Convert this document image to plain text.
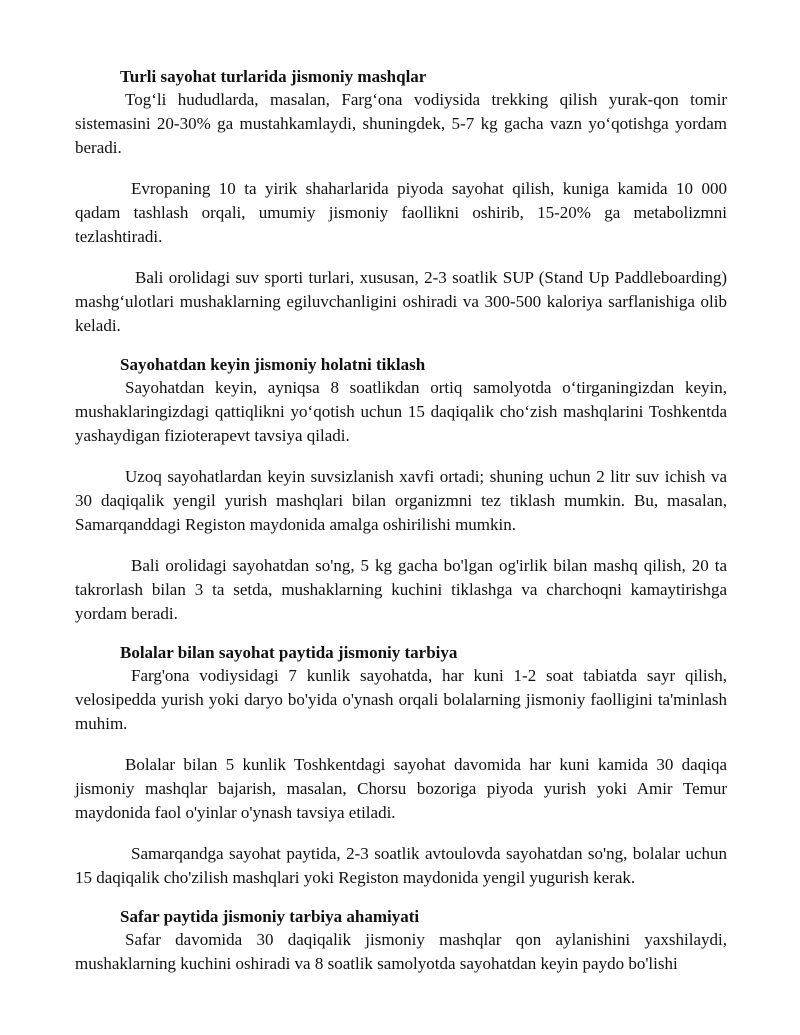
Turli sayohat turlarida jismoniy mashqlar

Tog‘li hududlarda, masalan, Farg‘ona vodiysida trekking qilish yurak-qon tomir sistemasini 20-30% ga mustahkamlaydi, shuningdek, 5-7 kg gacha vazn yo‘qotishga yordam beradi.

Evropaning 10 ta yirik shaharlarida piyoda sayohat qilish, kuniga kamida 10 000 qadam tashlash orqali, umumiy jismoniy faollikni oshirib, 15-20% ga metabolizmni tezlashtiradi.

Bali orolidagi suv sporti turlari, xususan, 2-3 soatlik SUP (Stand Up Paddleboarding) mashg‘ulotlari mushaklarning egiluvchanligini oshiradi va 300-500 kaloriya sarflanishiga olib keladi.

Sayohatdan keyin jismoniy holatni tiklash

Sayohatdan keyin, ayniqsa 8 soatlikdan ortiq samolyotda o‘tirganingizdan keyin, mushaklaringizdagi qattiqlikni yo‘qotish uchun 15 daqiqalik cho‘zish mashqlarini Toshkentda yashaydigan fizioterapevt tavsiya qiladi.

Uzoq sayohatlardan keyin suvsizlanish xavfi ortadi; shuning uchun 2 litr suv ichish va 30 daqiqalik yengil yurish mashqlari bilan organizmni tez tiklash mumkin. Bu, masalan, Samarqanddagi Registon maydonida amalga oshirilishi mumkin.

Bali orolidagi sayohatdan so'ng, 5 kg gacha bo'lgan og'irlik bilan mashq qilish, 20 ta takrorlash bilan 3 ta setda, mushaklarning kuchini tiklashga va charchoqni kamaytirishga yordam beradi.

Bolalar bilan sayohat paytida jismoniy tarbiya

Farg'ona vodiysidagi 7 kunlik sayohatda, har kuni 1-2 soat tabiatda sayr qilish, velosipedda yurish yoki daryo bo'yida o'ynash orqali bolalarning jismoniy faolligini ta'minlash muhim.

Bolalar bilan 5 kunlik Toshkentdagi sayohat davomida har kuni kamida 30 daqiqa jismoniy mashqlar bajarish, masalan, Chorsu bozoriga piyoda yurish yoki Amir Temur maydonida faol o'yinlar o'ynash tavsiya etiladi.

Samarqandga sayohat paytida, 2-3 soatlik avtoulovda sayohatdan so'ng, bolalar uchun 15 daqiqalik cho'zilish mashqlari yoki Registon maydonida yengil yugurish kerak.

Safar paytida jismoniy tarbiya ahamiyati

Safar davomida 30 daqiqalik jismoniy mashqlar qon aylanishini yaxshilaydi, mushaklarning kuchini oshiradi va 8 soatlik samolyotda sayohatdan keyin paydo bo'lishi
